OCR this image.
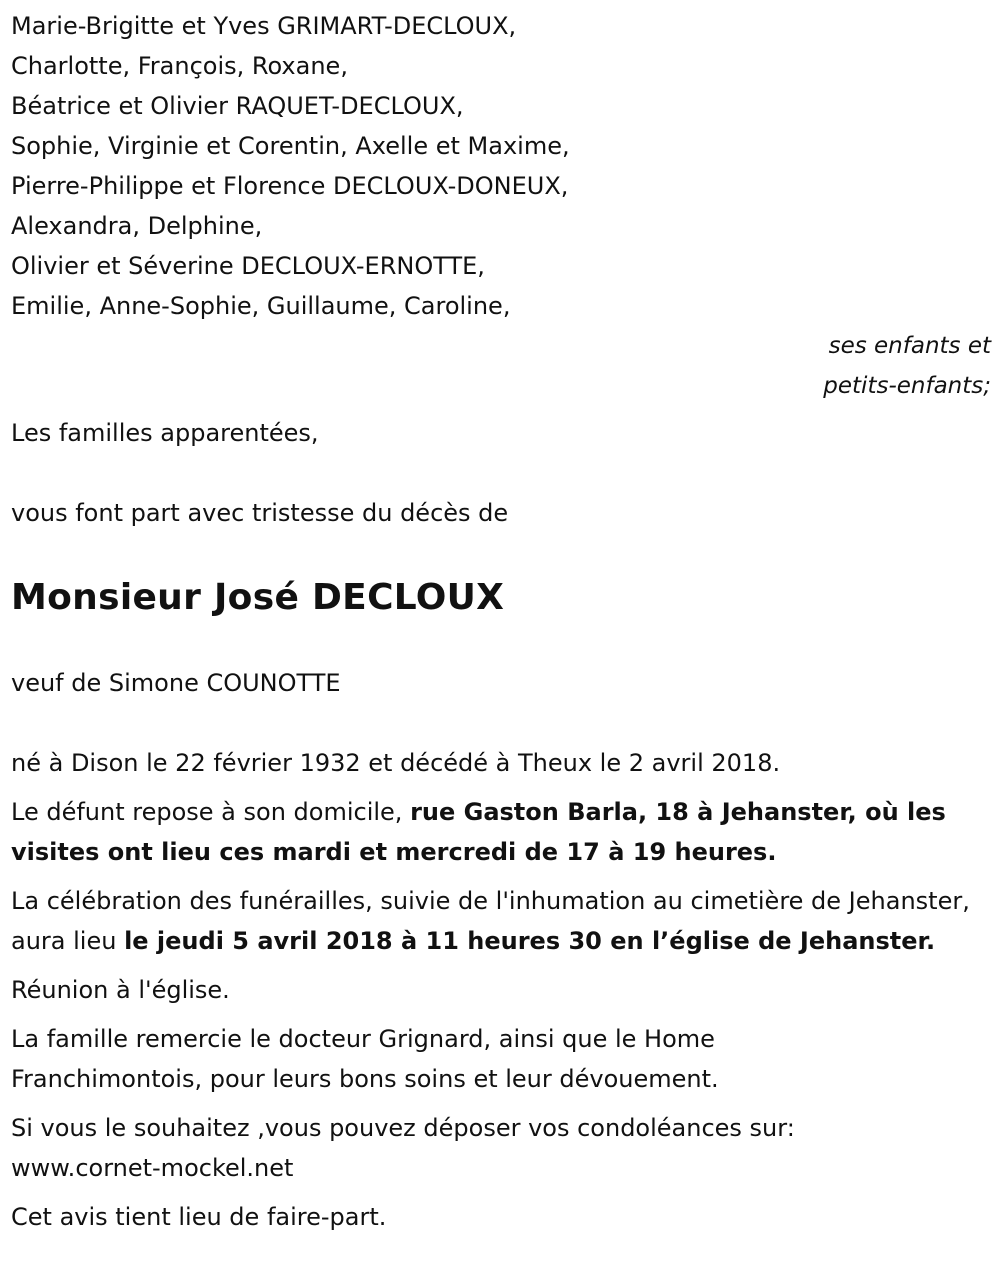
Marie-Brigitte et Yves GRIMART-DECLOUX,
Charlotte, François, Roxane,
Béatrice et Olivier RAQUET-DECLOUX,
Sophie, Virginie et Corentin, Axelle et Maxime,
Pierre-Philippe et Florence DECLOUX-DONEUX,
Alexandra, Delphine,
Olivier et Séverine DECLOUX-ERNOTTE,
Emilie, Anne-Sophie, Guillaume, Caroline,
ses enfants et
petits-enfants;
Les familles apparentées,
vous font part avec tristesse du décès de
Monsieur José DECLOUX
veuf de Simone COUNOTTE
né à Dison le 22 février 1932 et décédé à Theux le 2 avril 2018.
Le défunt repose à son domicile, rue Gaston Barla, 18 à Jehanster, où les visites ont lieu ces mardi et mercredi de 17 à 19 heures.
La célébration des funérailles, suivie de l'inhumation au cimetière de Jehanster, aura lieu le jeudi 5 avril 2018 à 11 heures 30 en l’église de Jehanster.
Réunion à l'église.
La famille remercie le docteur Grignard, ainsi que le Home
Franchimontois, pour leurs bons soins et leur dévouement.
Si vous le souhaitez ,vous pouvez déposer vos condoléances sur:
www.cornet-mockel.net
Cet avis tient lieu de faire-part.
